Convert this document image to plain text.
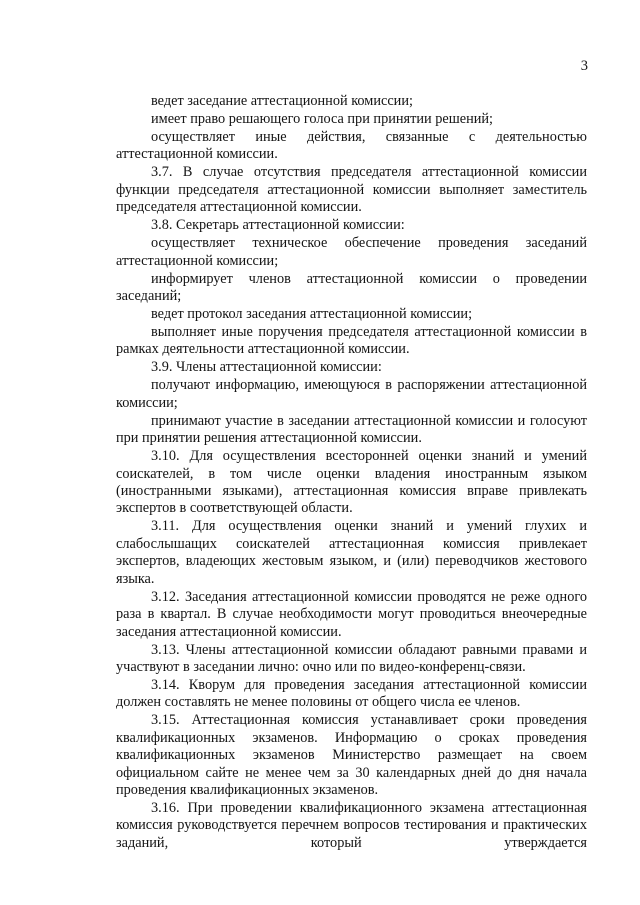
3

ведет заседание аттестационной комиссии;

имеет право решающего голоса при принятии решений;

осуществляет иные действия, связанные с деятельностью аттестационной комиссии.

3.7. В случае отсутствия председателя аттестационной комиссии функции председателя аттестационной комиссии выполняет заместитель председателя аттестационной комиссии.

3.8. Секретарь аттестационной комиссии:

осуществляет техническое обеспечение проведения заседаний аттестационной комиссии;

информирует членов аттестационной комиссии о проведении заседаний;

ведет протокол заседания аттестационной комиссии;

выполняет иные поручения председателя аттестационной комиссии в рамках деятельности аттестационной комиссии.

3.9. Члены аттестационной комиссии:

получают информацию, имеющуюся в распоряжении аттестационной комиссии;

принимают участие в заседании аттестационной комиссии и голосуют при принятии решения аттестационной комиссии.

3.10. Для осуществления всесторонней оценки знаний и умений соискателей, в том числе оценки владения иностранным языком (иностранными языками), аттестационная комиссия вправе привлекать экспертов в соответствующей области.

3.11. Для осуществления оценки знаний и умений глухих и слабослышащих соискателей аттестационная комиссия привлекает экспертов, владеющих жестовым языком, и (или) переводчиков жестового языка.

3.12. Заседания аттестационной комиссии проводятся не реже одного раза в квартал. В случае необходимости могут проводиться внеочередные заседания аттестационной комиссии.

3.13. Члены аттестационной комиссии обладают равными правами и участвуют в заседании лично: очно или по видео-конференц-связи.

3.14. Кворум для проведения заседания аттестационной комиссии должен составлять не менее половины от общего числа ее членов.

3.15. Аттестационная комиссия устанавливает сроки проведения квалификационных экзаменов. Информацию о сроках проведения квалификационных экзаменов Министерство размещает на своем официальном сайте не менее чем за 30 календарных дней до дня начала проведения квалификационных экзаменов.

3.16. При проведении квалификационного экзамена аттестационная комиссия руководствуется перечнем вопросов тестирования и практических заданий, который утверждается
